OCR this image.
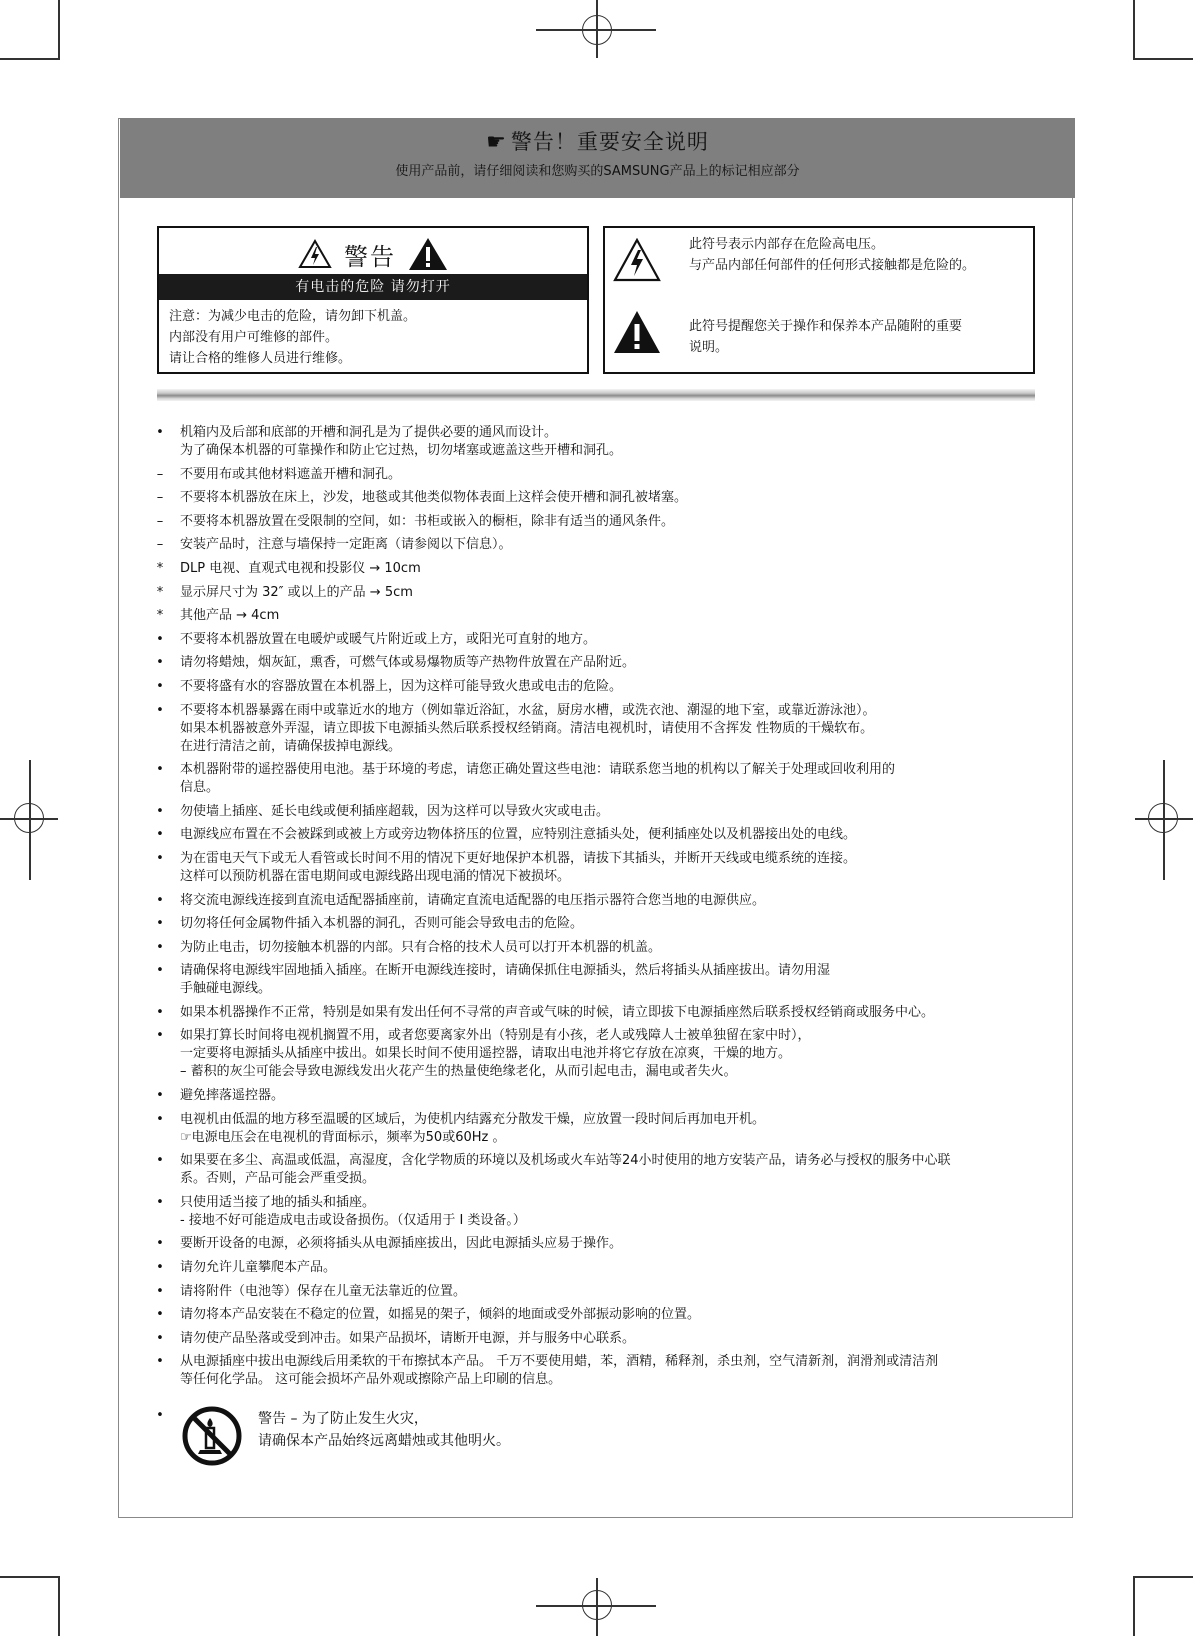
☛ 警告！重要安全说明
使用产品前，请仔细阅读和您购买的SAMSUNG产品上的标记相应部分
警告
有电击的危险 请勿打开
注意：为减少电击的危险，请勿卸下机盖。
内部没有用户可维修的部件。
请让合格的维修人员进行维修。
此符号表示内部存在危险高电压。
与产品内部任何部件的任何形式接触都是危险的。
此符号提醒您关于操作和保养本产品随附的重要
说明。
•	机箱内及后部和底部的开槽和洞孔是为了提供必要的通风而设计。
为了确保本机器的可靠操作和防止它过热，切勿堵塞或遮盖这些开槽和洞孔。
–	不要用布或其他材料遮盖开槽和洞孔。
–	不要将本机器放在床上，沙发，地毯或其他类似物体表面上这样会使开槽和洞孔被堵塞。
–	不要将本机器放置在受限制的空间，如：书柜或嵌入的橱柜，除非有适当的通风条件。
–	安装产品时，注意与墙保持一定距离（请参阅以下信息）。
*	DLP 电视、直观式电视和投影仪 → 10cm
*	显示屏尺寸为 32″ 或以上的产品 → 5cm
*	其他产品 → 4cm
•	不要将本机器放置在电暖炉或暖气片附近或上方，或阳光可直射的地方。
•	请勿将蜡烛，烟灰缸，熏香，可燃气体或易爆物质等产热物件放置在产品附近。
•	不要将盛有水的容器放置在本机器上，因为这样可能导致火患或电击的危险。
•	不要将本机器暴露在雨中或靠近水的地方（例如靠近浴缸，水盆，厨房水槽，或洗衣池、潮湿的地下室，或靠近游泳池）。
如果本机器被意外弄湿，请立即拔下电源插头然后联系授权经销商。清洁电视机时，请使用不含挥发 性物质的干燥软布。
在进行清洁之前，请确保拔掉电源线。
•	本机器附带的遥控器使用电池。基于环境的考虑，请您正确处置这些电池：请联系您当地的机构以了解关于处理或回收利用的
信息。
•	勿使墙上插座、延长电线或便利插座超载，因为这样可以导致火灾或电击。
•	电源线应布置在不会被踩到或被上方或旁边物体挤压的位置，应特别注意插头处，便利插座处以及机器接出处的电线。
•	为在雷电天气下或无人看管或长时间不用的情况下更好地保护本机器，请拔下其插头，并断开天线或电缆系统的连接。
这样可以预防机器在雷电期间或电源线路出现电涌的情况下被损坏。
•	将交流电源线连接到直流电适配器插座前，请确定直流电适配器的电压指示器符合您当地的电源供应。
•	切勿将任何金属物件插入本机器的洞孔，否则可能会导致电击的危险。
•	为防止电击，切勿接触本机器的内部。只有合格的技术人员可以打开本机器的机盖。
•	请确保将电源线牢固地插入插座。在断开电源线连接时，请确保抓住电源插头，然后将插头从插座拔出。请勿用湿
手触碰电源线。
•	如果本机器操作不正常，特别是如果有发出任何不寻常的声音或气味的时候，请立即拔下电源插座然后联系授权经销商或服务中心。
•	如果打算长时间将电视机搁置不用，或者您要离家外出（特别是有小孩，老人或残障人士被单独留在家中时），
一定要将电源插头从插座中拔出。如果长时间不使用遥控器，请取出电池并将它存放在凉爽，干燥的地方。
– 蓄积的灰尘可能会导致电源线发出火花产生的热量使绝缘老化，从而引起电击，漏电或者失火。
•	避免摔落遥控器。
•	电视机由低温的地方移至温暖的区域后，为使机内结露充分散发干燥，应放置一段时间后再加电开机。
☞电源电压会在电视机的背面标示，频率为50或60Hz 。
•	如果要在多尘、高温或低温，高湿度，含化学物质的环境以及机场或火车站等24小时使用的地方安装产品，请务必与授权的服务中心联
系。否则，产品可能会严重受损。
•	只使用适当接了地的插头和插座。
- 接地不好可能造成电击或设备损伤。（仅适用于 Ⅰ 类设备。）
•	要断开设备的电源，必须将插头从电源插座拔出，因此电源插头应易于操作。
•	请勿允许儿童攀爬本产品。
•	请将附件（电池等）保存在儿童无法靠近的位置。
•	请勿将本产品安装在不稳定的位置，如摇晃的架子，倾斜的地面或受外部振动影响的位置。
•	请勿使产品坠落或受到冲击。如果产品损坏，请断开电源，并与服务中心联系。
•	从电源插座中拔出电源线后用柔软的干布擦拭本产品。 千万不要使用蜡，苯，酒精，稀释剂，杀虫剂，空气清新剂，润滑剂或清洁剂
等任何化学品。 这可能会损坏产品外观或擦除产品上印刷的信息。
•	警告 – 为了防止发生火灾，
请确保本产品始终远离蜡烛或其他明火。
